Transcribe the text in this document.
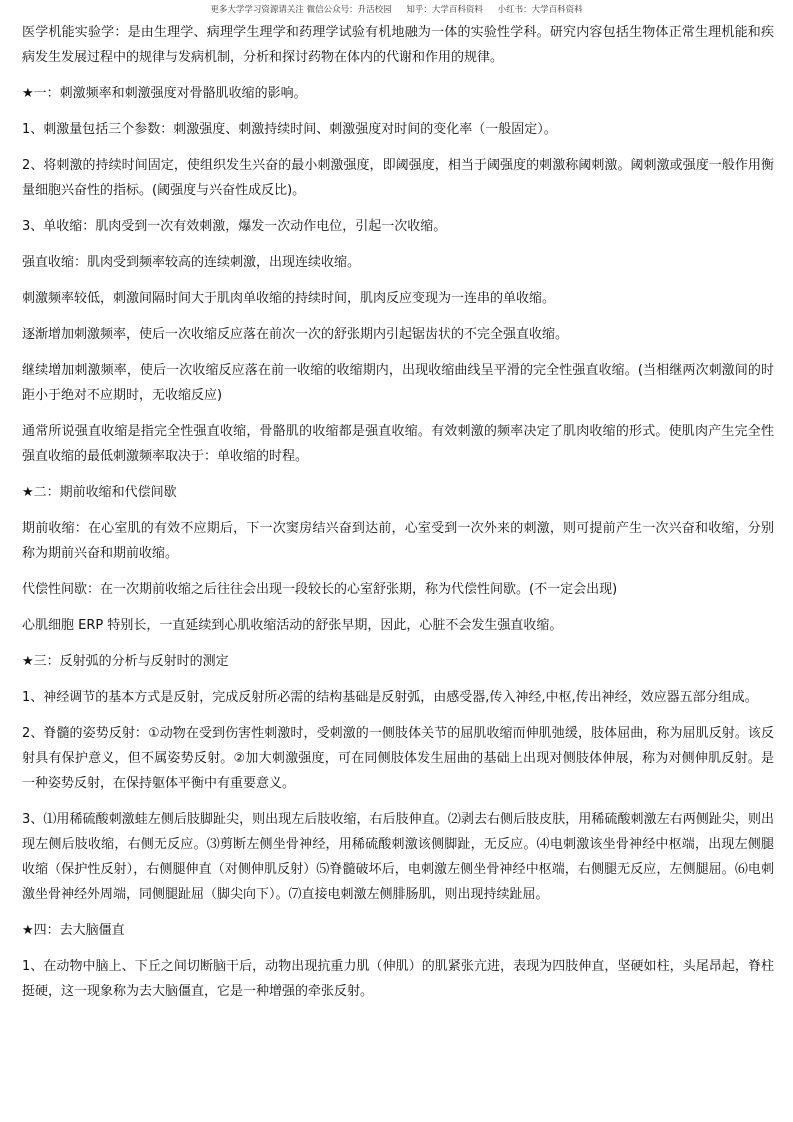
更多大学学习资源请关注 微信公众号：升活校园 知乎：大学百科资料 小红书：大学百科资料

医学机能实验学：是由生理学、病理学生理学和药理学试验有机地融为一体的实验性学科。研究内容包括生物体正常生理机能和疾病发生发展过程中的规律与发病机制，分析和探讨药物在体内的代谢和作用的规律。

★一：刺激频率和刺激强度对骨骼肌收缩的影响。

1、刺激量包括三个参数：刺激强度、刺激持续时间、刺激强度对时间的变化率（一般固定）。

2、将刺激的持续时间固定，使组织发生兴奋的最小刺激强度，即阈强度，相当于阈强度的刺激称阈刺激。阈刺激或强度一般作用衡量细胞兴奋性的指标。(阈强度与兴奋性成反比)。

3、单收缩：肌肉受到一次有效刺激，爆发一次动作电位，引起一次收缩。

强直收缩：肌肉受到频率较高的连续刺激，出现连续收缩。

刺激频率较低，刺激间隔时间大于肌肉单收缩的持续时间，肌肉反应变现为一连串的单收缩。

逐渐增加刺激频率，使后一次收缩反应落在前次一次的舒张期内引起锯齿状的不完全强直收缩。

继续增加刺激频率，使后一次收缩反应落在前一收缩的收缩期内，出现收缩曲线呈平滑的完全性强直收缩。(当相继两次刺激间的时距小于绝对不应期时，无收缩反应)

通常所说强直收缩是指完全性强直收缩，骨骼肌的收缩都是强直收缩。有效刺激的频率决定了肌肉收缩的形式。使肌肉产生完全性强直收缩的最低刺激频率取决于：单收缩的时程。

★二：期前收缩和代偿间歇

期前收缩：在心室肌的有效不应期后，下一次窦房结兴奋到达前，心室受到一次外来的刺激，则可提前产生一次兴奋和收缩，分别称为期前兴奋和期前收缩。

代偿性间歇：在一次期前收缩之后往往会出现一段较长的心室舒张期，称为代偿性间歇。(不一定会出现)

心肌细胞 ERP 特别长，一直延续到心肌收缩活动的舒张早期，因此，心脏不会发生强直收缩。

★三：反射弧的分析与反射时的测定

1、神经调节的基本方式是反射，完成反射所必需的结构基础是反射弧，由感受器,传入神经,中枢,传出神经，效应器五部分组成。

2、脊髓的姿势反射：①动物在受到伤害性刺激时，受刺激的一侧肢体关节的屈肌收缩而伸肌弛缓，肢体屈曲，称为屈肌反射。该反射具有保护意义，但不属姿势反射。②加大刺激强度，可在同侧肢体发生屈曲的基础上出现对侧肢体伸展，称为对侧伸肌反射。是一种姿势反射，在保持躯体平衡中有重要意义。

3、⑴用稀硫酸刺激蛙左侧后肢脚趾尖，则出现左后肢收缩，右后肢伸直。⑵剥去右侧后肢皮肤，用稀硫酸刺激左右两侧趾尖，则出现左侧后肢收缩，右侧无反应。⑶剪断左侧坐骨神经，用稀硫酸刺激该侧脚趾，无反应。⑷电刺激该坐骨神经中枢端，出现左侧腿收缩（保护性反射），右侧腿伸直（对侧伸肌反射）⑸脊髓破坏后，电刺激左侧坐骨神经中枢端，右侧腿无反应，左侧腿屈。⑹电刺激坐骨神经外周端，同侧腿趾屈（脚尖向下）。⑺直接电刺激左侧腓肠肌，则出现持续趾屈。

★四：去大脑僵直

1、在动物中脑上、下丘之间切断脑干后，动物出现抗重力肌（伸肌）的肌紧张亢进，表现为四肢伸直，坚硬如柱，头尾昂起，脊柱挺硬，这一现象称为去大脑僵直，它是一种增强的牵张反射。
